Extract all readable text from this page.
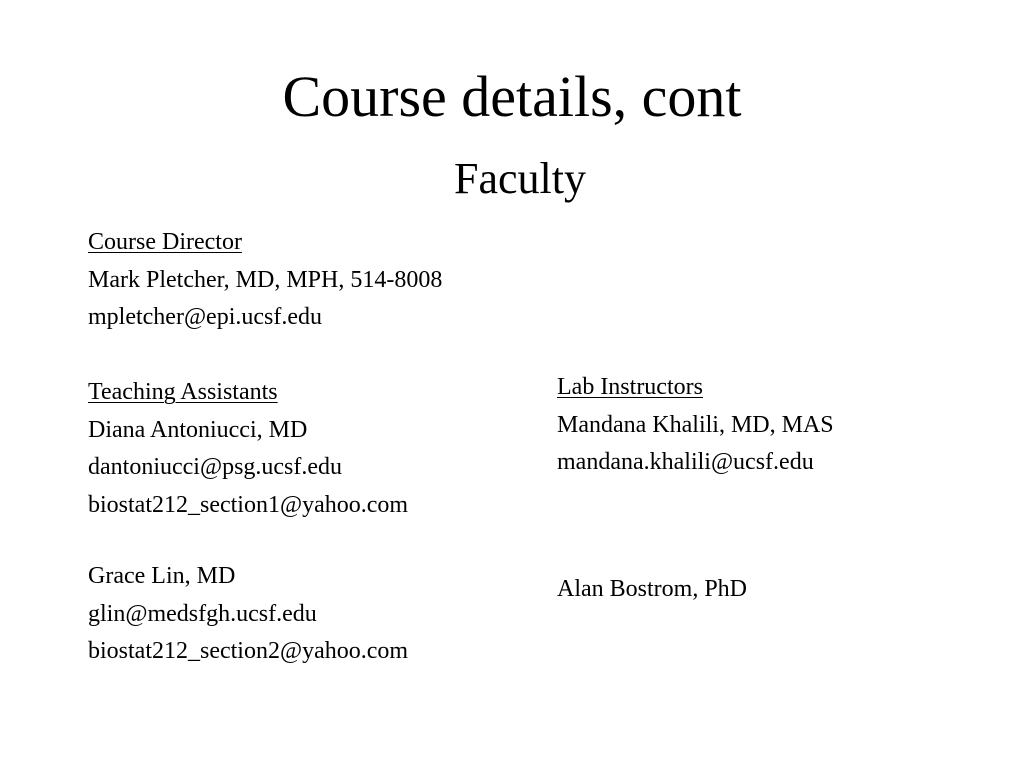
Course details, cont
Faculty
Course Director
Mark Pletcher, MD, MPH, 514-8008
mpletcher@epi.ucsf.edu
Teaching Assistants
Diana Antoniucci, MD
dantoniucci@psg.ucsf.edu
biostat212_section1@yahoo.com
Grace Lin, MD
glin@medsfgh.ucsf.edu
biostat212_section2@yahoo.com
Lab Instructors
Mandana Khalili, MD, MAS
mandana.khalili@ucsf.edu
Alan Bostrom, PhD
